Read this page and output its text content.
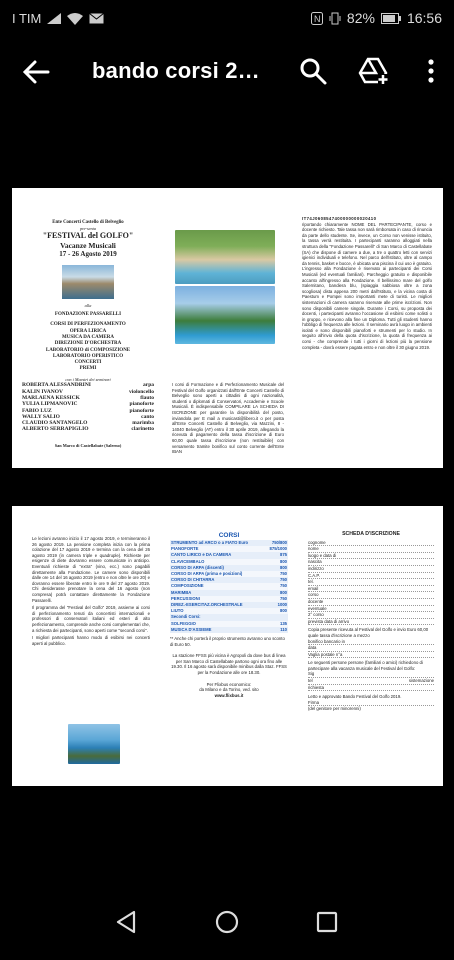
I TIM	N 82% 16:56
bando corsi 2…
Ente Concerti Castello di Belveglio
pre-senta
"FESTIVAL del GOLFO"
Vacanze Musicali
17 - 26 Agosto 2019
alla
FONDAZIONE PASSARELLI
CORSI DI PERFEZIONAMENTO
OPERA LIRICA
MUSICA DA CAMERA
DIREZIONE D'ORCHESTRA
LABORATORIO di COMPOSIZIONE
LABORATORIO OPERISTICO
CONCERTI
PREMI
con i Maestri dei seminari
ROBERTA ALESSANDRINI	arpa
KALIN IVANOV	violoncello
MARLAENA KESSICK	flauto
YULIA LIPMANOVIC	pianoforte
FABIO LUZ	pianoforte
WALLY SALIO	canto
CLAUDIO SANTANGELO	marimba
ALBERTO SERRAPIGLIO	clarinetto
San Marco di Castellabate (Salerno)
I corsi di Formazione e di Perfezionamento Musicale del Festival del Golfo organizzati dall'Ente Concerti Castello di Belveglio sono aperti a cittadini di ogni nazionalità, studenti o diplomati di Conservatori, Accademie e Scuole Musicali. È indispensabile COMPILARE LA SCHEDA DI ISCRIZIONE per garantire la disponibilità del posto, inviandola per E mail a musicasti@libero.it o per posta all'Ente Concerti Castello di Belveglio, via Mazzini, 8 - 14040 Belveglio (AT) entro il 30 aprile 2019, allegando la ricevuta di pagamento della tassa d'iscrizione di Euro 60,00 quale tassa d'iscrizione (non restituibile) con versamento tramite bonifico sul conto corrente dell'Ente IBAN
IT74J0608547400000000020410
riportando chiaramente NOME DEL PARTECIPANTE, corso e docente richiesto. Tale tassa non sarà rimborsata in caso di rinuncia da parte dello studente. Se, invece, un Corso non venisse istituito, la tassa verrà restituita. I partecipanti saranno alloggiati nella struttura della "Fondazione Passarelli" di San Marco di Castellabate (SA) che dispone di camere a due, a tre o quattro letti con servizi igienici individuali e telefono. Nel parco dell'istituto, oltre al campo da tennis, basket e bocce, è ubicata una piscina il cui uso è gratuito. L'ingresso alla Fondazione è riservato ai partecipanti dei Corsi Musicali (ed eventuali familiari). Parcheggio gratuito e disponibile accanto all'ingresso alla Fondazione. Il bellissimo mare del golfo Salernitano, bandiera blu, (spiaggia sabbiosa oltre a zona scogliosa) dista appena 200 metri dall'Istituto, e la vicina costa di Paestum e Pompei sono importanti mete di turisti. Le migliori sistemazioni di camera saranno riservate alle prime iscrizioni. Non sono disponibili camere singole. Durante i Corsi, su proposta dei docenti, i partecipanti avranno l'occasione di esibirsi come solisti o in gruppo, e ricevono alla fine un Diploma. Tutti gli studenti hanno l'obbligo di frequenza alle lezioni. Il seminario avrà luogo in ambienti isolati e sono disponibili pianoforti e strumenti per lo studio. In seguito all'invio della quota d'iscrizione, la quota di frequenza ai corsi - che comprende i tutti i giorni di lezioni più la pensione completa - dovrà essere pagata entro e non oltre il 30 giugno 2019.
Le lezioni avranno inizio il 17 agosto 2019, e termineranno il 26 agosto 2019. La pensione completa inizia con la prima colazione del 17 agosto 2019 e termina con la cena del 26 agosto 2019 (in camera triple e quadruple). Richieste per esigenze di diete dovranno essere comunicate in anticipo. Eventuali richieste di "extra" (vino, ecc.) sono pagabili direttamente alla Fondazione. Le camere sono disponibili dalle ore 14 del 16 agosto 2019 (entro e non oltre le ore 20) e dovranno essere liberate entro le ore 9 del 27 agosto 2019. Chi desiderasse prenotare la cena del 16 agosto (non compresa) potrà contattare direttamente la Fondazione Passarelli.
Il programma del "Festival del Golfo" 2019, assieme ai corsi di perfezionamento tenuti da concertisti internazionali e professori di conservatori italiani ed esteri di alto perfezionamento, comprende anche corsi complementari che, a richiesta dei partecipanti, sono aperti come "secondi corsi".
I migliori partecipanti hanno modo di esibirsi nei concerti aperti al pubblico.
CORSI
STRUMENTO ad ARCO o a FIATO Euro	750/800
PIANOFORTE	875/1000
CANTO LIRICO e DA CAMERA	875
CLAVICEMBALO	800
CORSO DI ARPA (discenti)	800
CORSO DI ARPA (prima e posizioni)	750
CORSO DI CHITARRA	750
COMPOSIZIONE	750
MARIMBA	800
PERCUSSIONI	750
DIREZ.-ESERCITAZ.ORCHESTRALE	1000
LIUTO	800
Secondi Corsi:	
SOLFEGGIO	135
MUSICA D'ASSIEME	110
** Anche chi porterà il proprio strumento avranno uno sconto di Euro 50.
La stazione FFSS più vicina è Agropoli da dove bus di linea per San Marco di Castellabate partono ogni ora fino alle 19.30. Il 16 agosto sarà disponibile minibus dalla Staz. FFSS per la Fondazione alle ore 18.30.
Per Flixbus economico:
da Milano e da Torino, ved. sito
www.flixbus.it
SCHEDA D'ISCRIZIONE
cognome
nome
luogo e data di
nascita
indirizzo
C.A.P.
tel.
email
corso
docente
eventuale
2° corso
prevista data di arrivo
Copia presente ricevuta al Festival del Golfo e invio Euro 60,00 quale tassa d'iscrizione a mezzo
bonifico bancario in
data
Vaglia postale n°a
Le seguenti persone persone (familiari o amici) richiedono di partecipare alla vacanza musicale del Festival del Golfo:
Sig
tel	sistemazione
richiesta
Letto e approvato Bando Festival del Golfo 2019.
Firma
(del genitore per minorenni)
